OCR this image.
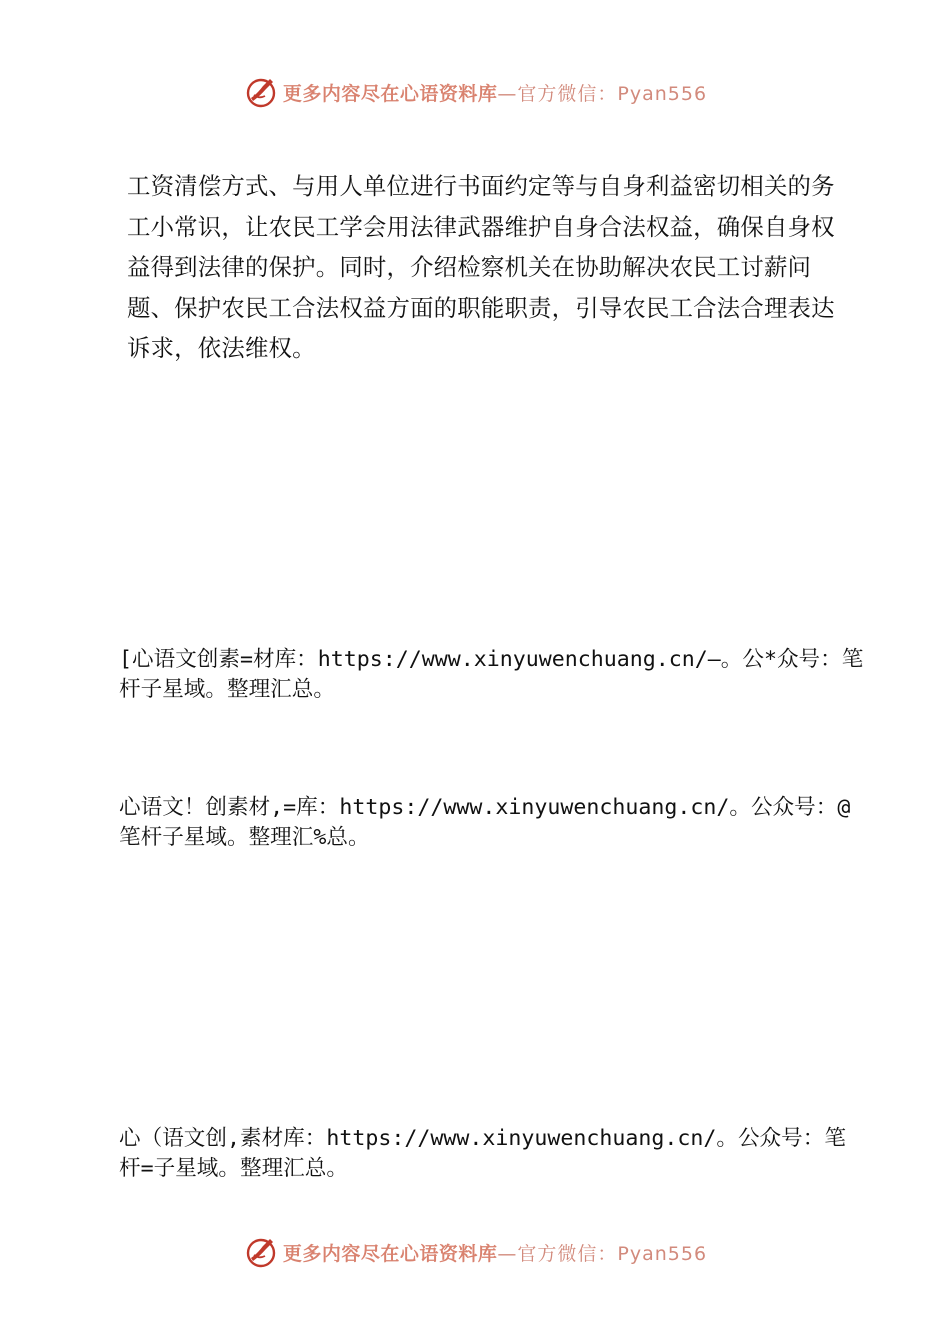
更多内容尽在心语资料库 —官方微信：Pyan556

工资清偿方式、与用人单位进行书面约定等与自身利益密切相关的务工小常识，让农民工学会用法律武器维护自身合法权益，确保自身权益得到法律的保护。同时，介绍检察机关在协助解决农民工讨薪问题、保护农民工合法权益方面的职能职责，引导农民工合法合理表达诉求，依法维权。

[心语文创素=材库：https://www.xinyuwenchuang.cn/—。公*众号：笔杆子星域。整理汇总。

心语文！创素材,=库：https://www.xinyuwenchuang.cn/。公众号：@笔杆子星域。整理汇%总。

心（语文创,素材库：https://www.xinyuwenchuang.cn/。公众号：笔杆=子星域。整理汇总。

更多内容尽在心语资料库 —官方微信：Pyan556
